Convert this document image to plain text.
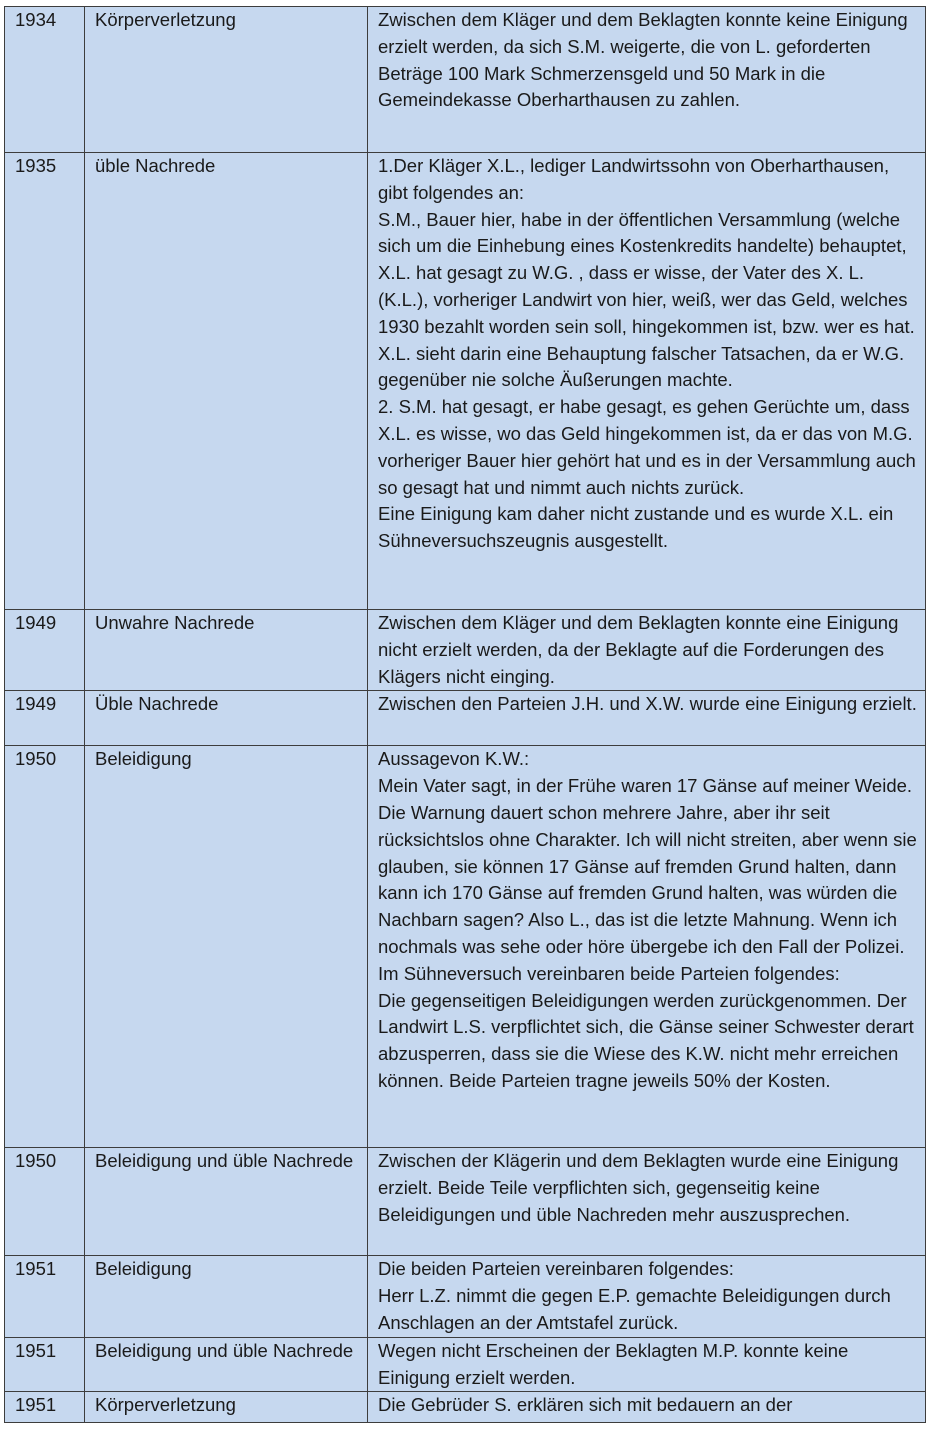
1934	Körperverletzung	Zwischen dem Kläger und dem Beklagten konnte keine Einigung erzielt werden, da sich S.M. weigerte, die von L. geforderten Beträge 100 Mark Schmerzensgeld und 50 Mark in die Gemeindekasse Oberharthausen zu zahlen.

1935	üble Nachrede	1.Der Kläger X.L., lediger Landwirtssohn von Oberharthausen, gibt folgendes an:
S.M., Bauer hier, habe in der öffentlichen Versammlung (welche sich um die Einhebung eines Kostenkredits handelte) behauptet, X.L. hat gesagt zu W.G. , dass er wisse, der Vater des X. L. (K.L.), vorheriger Landwirt von hier, weiß, wer das Geld, welches 1930 bezahlt worden sein soll, hingekommen ist, bzw. wer es hat. X.L. sieht darin eine Behauptung falscher Tatsachen, da er W.G. gegenüber nie solche Äußerungen machte.
2. S.M. hat gesagt, er habe gesagt, es gehen Gerüchte um, dass X.L. es wisse, wo das Geld hingekommen ist, da er das von M.G. vorheriger Bauer hier gehört hat und es in der Versammlung auch so gesagt hat und nimmt auch nichts zurück.
Eine Einigung kam daher nicht zustande und es wurde X.L. ein Sühneversuchszeugnis ausgestellt.

1949	Unwahre Nachrede	Zwischen dem Kläger und dem Beklagten konnte eine Einigung nicht erzielt werden, da der Beklagte auf die Forderungen des Klägers nicht einging.

1949	Üble Nachrede	Zwischen den Parteien J.H. und X.W. wurde eine Einigung erzielt.

1950	Beleidigung	Aussagevon K.W.:
Mein Vater sagt, in der Frühe waren 17 Gänse auf meiner Weide. Die Warnung dauert schon mehrere Jahre, aber ihr seit rücksichtslos ohne Charakter. Ich will nicht streiten, aber wenn sie glauben, sie können 17 Gänse auf fremden Grund halten, dann kann ich 170 Gänse auf fremden Grund halten, was würden die Nachbarn sagen? Also L., das ist die letzte Mahnung. Wenn ich nochmals was sehe oder höre übergebe ich den Fall der Polizei.
Im Sühneversuch vereinbaren beide Parteien folgendes:
Die gegenseitigen Beleidigungen werden zurückgenommen. Der Landwirt L.S. verpflichtet sich, die Gänse seiner Schwester derart abzusperren, dass sie die Wiese des K.W. nicht mehr erreichen können. Beide Parteien tragne jeweils 50% der Kosten.

1950	Beleidigung und üble Nachrede	Zwischen der Klägerin und dem Beklagten wurde eine Einigung erzielt. Beide Teile verpflichten sich, gegenseitig keine Beleidigungen und üble Nachreden mehr auszusprechen.

1951	Beleidigung	Die beiden Parteien vereinbaren folgendes:
Herr L.Z. nimmt die gegen E.P. gemachte Beleidigungen durch Anschlagen an der Amtstafel zurück.

1951	Beleidigung und üble Nachrede	Wegen nicht Erscheinen der Beklagten M.P. konnte keine Einigung erzielt werden.

1951	Körperverletzung	Die Gebrüder S. erklären sich mit bedauern an der
